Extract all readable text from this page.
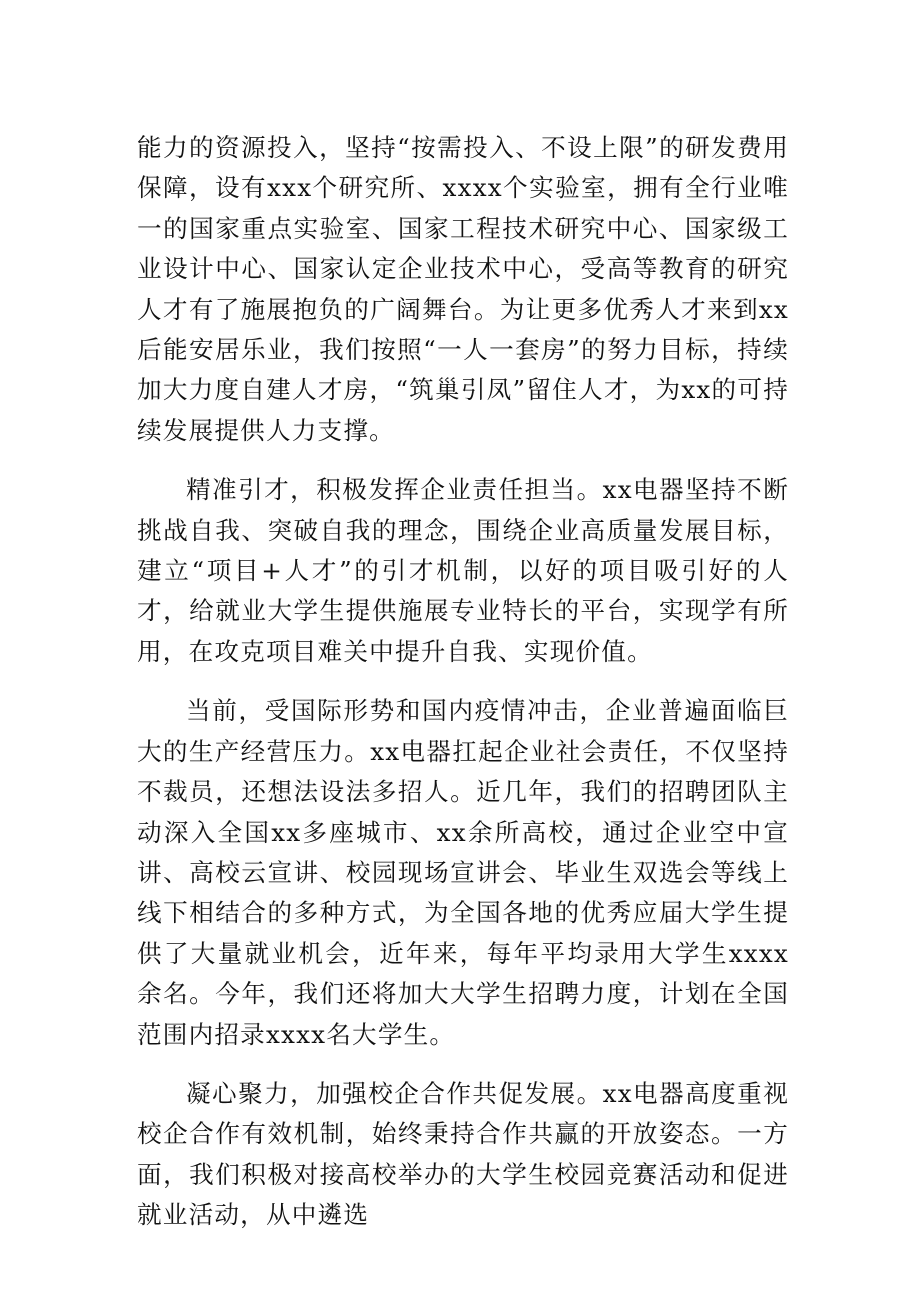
能力的资源投入，坚持“按需投入、不设上限”的研发费用保障，设有xxx个研究所、xxxx个实验室，拥有全行业唯一的国家重点实验室、国家工程技术研究中心、国家级工业设计中心、国家认定企业技术中心，受高等教育的研究人才有了施展抱负的广阔舞台。为让更多优秀人才来到xx后能安居乐业，我们按照“一人一套房”的努力目标，持续加大力度自建人才房，“筑巢引凤”留住人才，为xx的可持续发展提供人力支撑。

精准引才，积极发挥企业责任担当。xx电器坚持不断挑战自我、突破自我的理念，围绕企业高质量发展目标，建立“项目+人才”的引才机制，以好的项目吸引好的人才，给就业大学生提供施展专业特长的平台，实现学有所用，在攻克项目难关中提升自我、实现价值。

当前，受国际形势和国内疫情冲击，企业普遍面临巨大的生产经营压力。xx电器扛起企业社会责任，不仅坚持不裁员，还想法设法多招人。近几年，我们的招聘团队主动深入全国xx多座城市、xx余所高校，通过企业空中宣讲、高校云宣讲、校园现场宣讲会、毕业生双选会等线上线下相结合的多种方式，为全国各地的优秀应届大学生提供了大量就业机会，近年来，每年平均录用大学生xxxx余名。今年，我们还将加大大学生招聘力度，计划在全国范围内招录xxxx名大学生。

凝心聚力，加强校企合作共促发展。xx电器高度重视校企合作有效机制，始终秉持合作共赢的开放姿态。一方面，我们积极对接高校举办的大学生校园竞赛活动和促进就业活动，从中遴选
